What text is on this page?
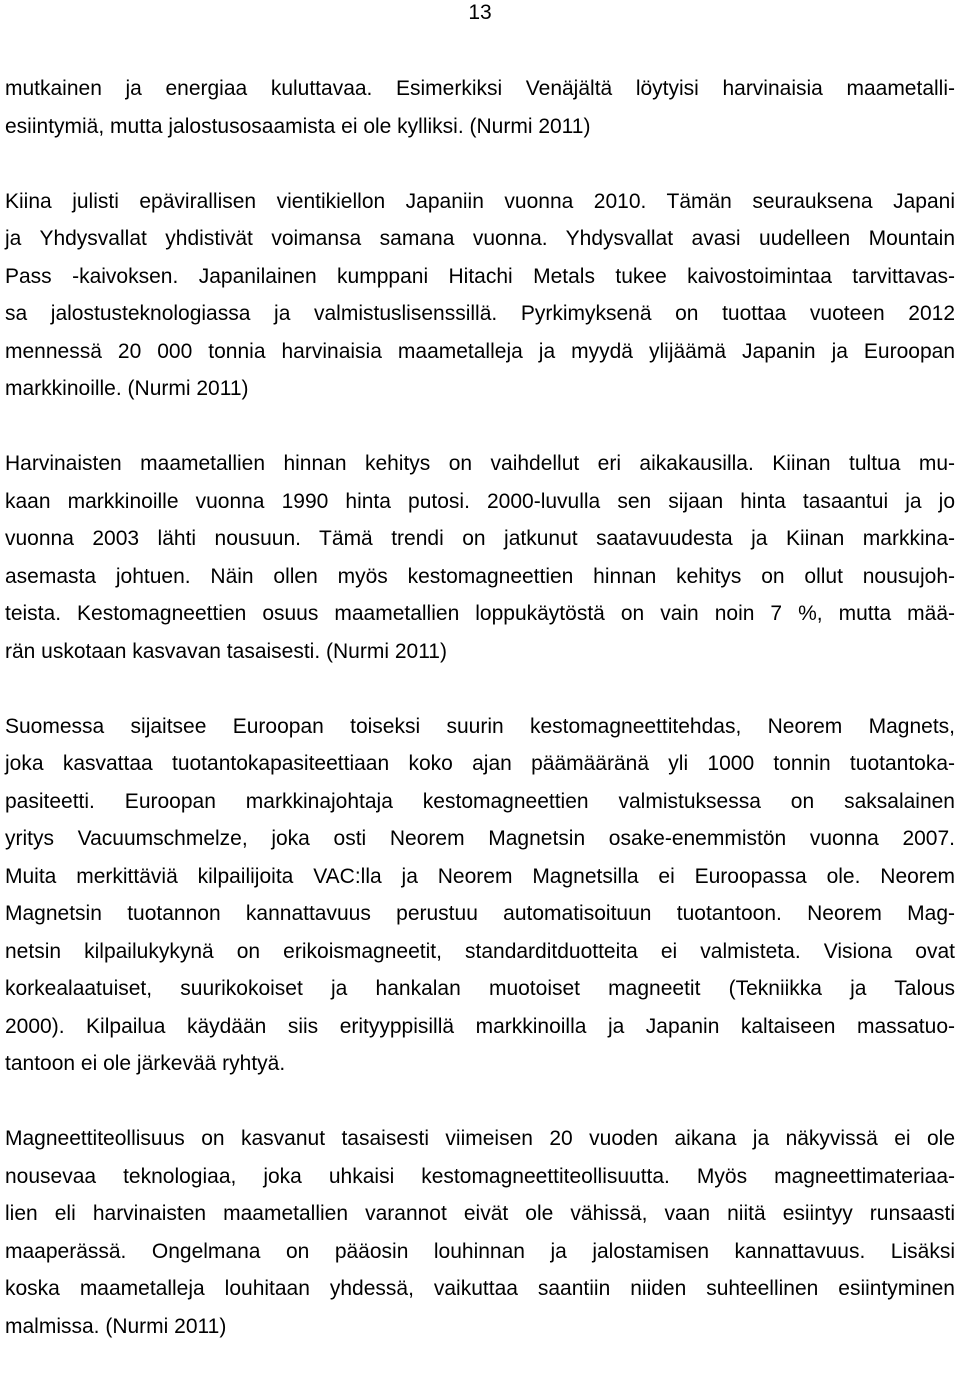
13
mutkainen ja energiaa kuluttavaa. Esimerkiksi Venäjältä löytyisi harvinaisia maametalli-
esiintymiä, mutta jalostusosaamista ei ole kylliksi. (Nurmi 2011)
Kiina julisti epävirallisen vientikiellon Japaniin vuonna 2010. Tämän seurauksena Japani
ja Yhdysvallat yhdistivät voimansa samana vuonna. Yhdysvallat avasi uudelleen Mountain
Pass -kaivoksen. Japanilainen kumppani Hitachi Metals tukee kaivostoimintaa tarvittavas-
sa jalostusteknologiassa ja valmistuslisenssillä. Pyrkimyksenä on tuottaa vuoteen 2012
mennessä 20 000 tonnia harvinaisia maametalleja ja myydä ylijäämä Japanin ja Euroopan
markkinoille. (Nurmi 2011)
Harvinaisten maametallien hinnan kehitys on vaihdellut eri aikakausilla. Kiinan tultua mu-
kaan markkinoille vuonna 1990 hinta putosi. 2000-luvulla sen sijaan hinta tasaantui ja jo
vuonna 2003 lähti nousuun. Tämä trendi on jatkunut saatavuudesta ja Kiinan markkina-
asemasta johtuen. Näin ollen myös kestomagneettien hinnan kehitys on ollut nousujoh-
teista. Kestomagneettien osuus maametallien loppukäytöstä on vain noin 7 %, mutta mää-
rän uskotaan kasvavan tasaisesti. (Nurmi 2011)
Suomessa sijaitsee Euroopan toiseksi suurin kestomagneettitehdas, Neorem Magnets,
joka kasvattaa tuotantokapasiteettiaan koko ajan päämääränä yli 1000 tonnin tuotantoka-
pasiteetti. Euroopan markkinajohtaja kestomagneettien valmistuksessa on saksalainen
yritys Vacuumschmelze, joka osti Neorem Magnetsin osake-enemmistön vuonna 2007.
Muita merkittäviä kilpailijoita VAC:lla ja Neorem Magnetsilla ei Euroopassa ole. Neorem
Magnetsin tuotannon kannattavuus perustuu automatisoituun tuotantoon. Neorem Mag-
netsin kilpailukykynä on erikoismagneetit, standarditduotteita ei valmisteta. Visiona ovat
korkealaatuiset, suurikokoiset ja hankalan muotoiset magneetit (Tekniikka ja Talous
2000). Kilpailua käydään siis erityyppisillä markkinoilla ja Japanin kaltaiseen massatuo-
tantoon ei ole järkevää ryhtyä.
Magneettiteollisuus on kasvanut tasaisesti viimeisen 20 vuoden aikana ja näkyvissä ei ole
nousevaa teknologiaa, joka uhkaisi kestomagneettiteollisuutta. Myös magneettimateriaa-
lien eli harvinaisten maametallien varannot eivät ole vähissä, vaan niitä esiintyy runsaasti
maaperässä. Ongelmana on pääosin louhinnan ja jalostamisen kannattavuus. Lisäksi
koska maametalleja louhitaan yhdessä, vaikuttaa saantiin niiden suhteellinen esiintyminen
malmissa. (Nurmi 2011)
